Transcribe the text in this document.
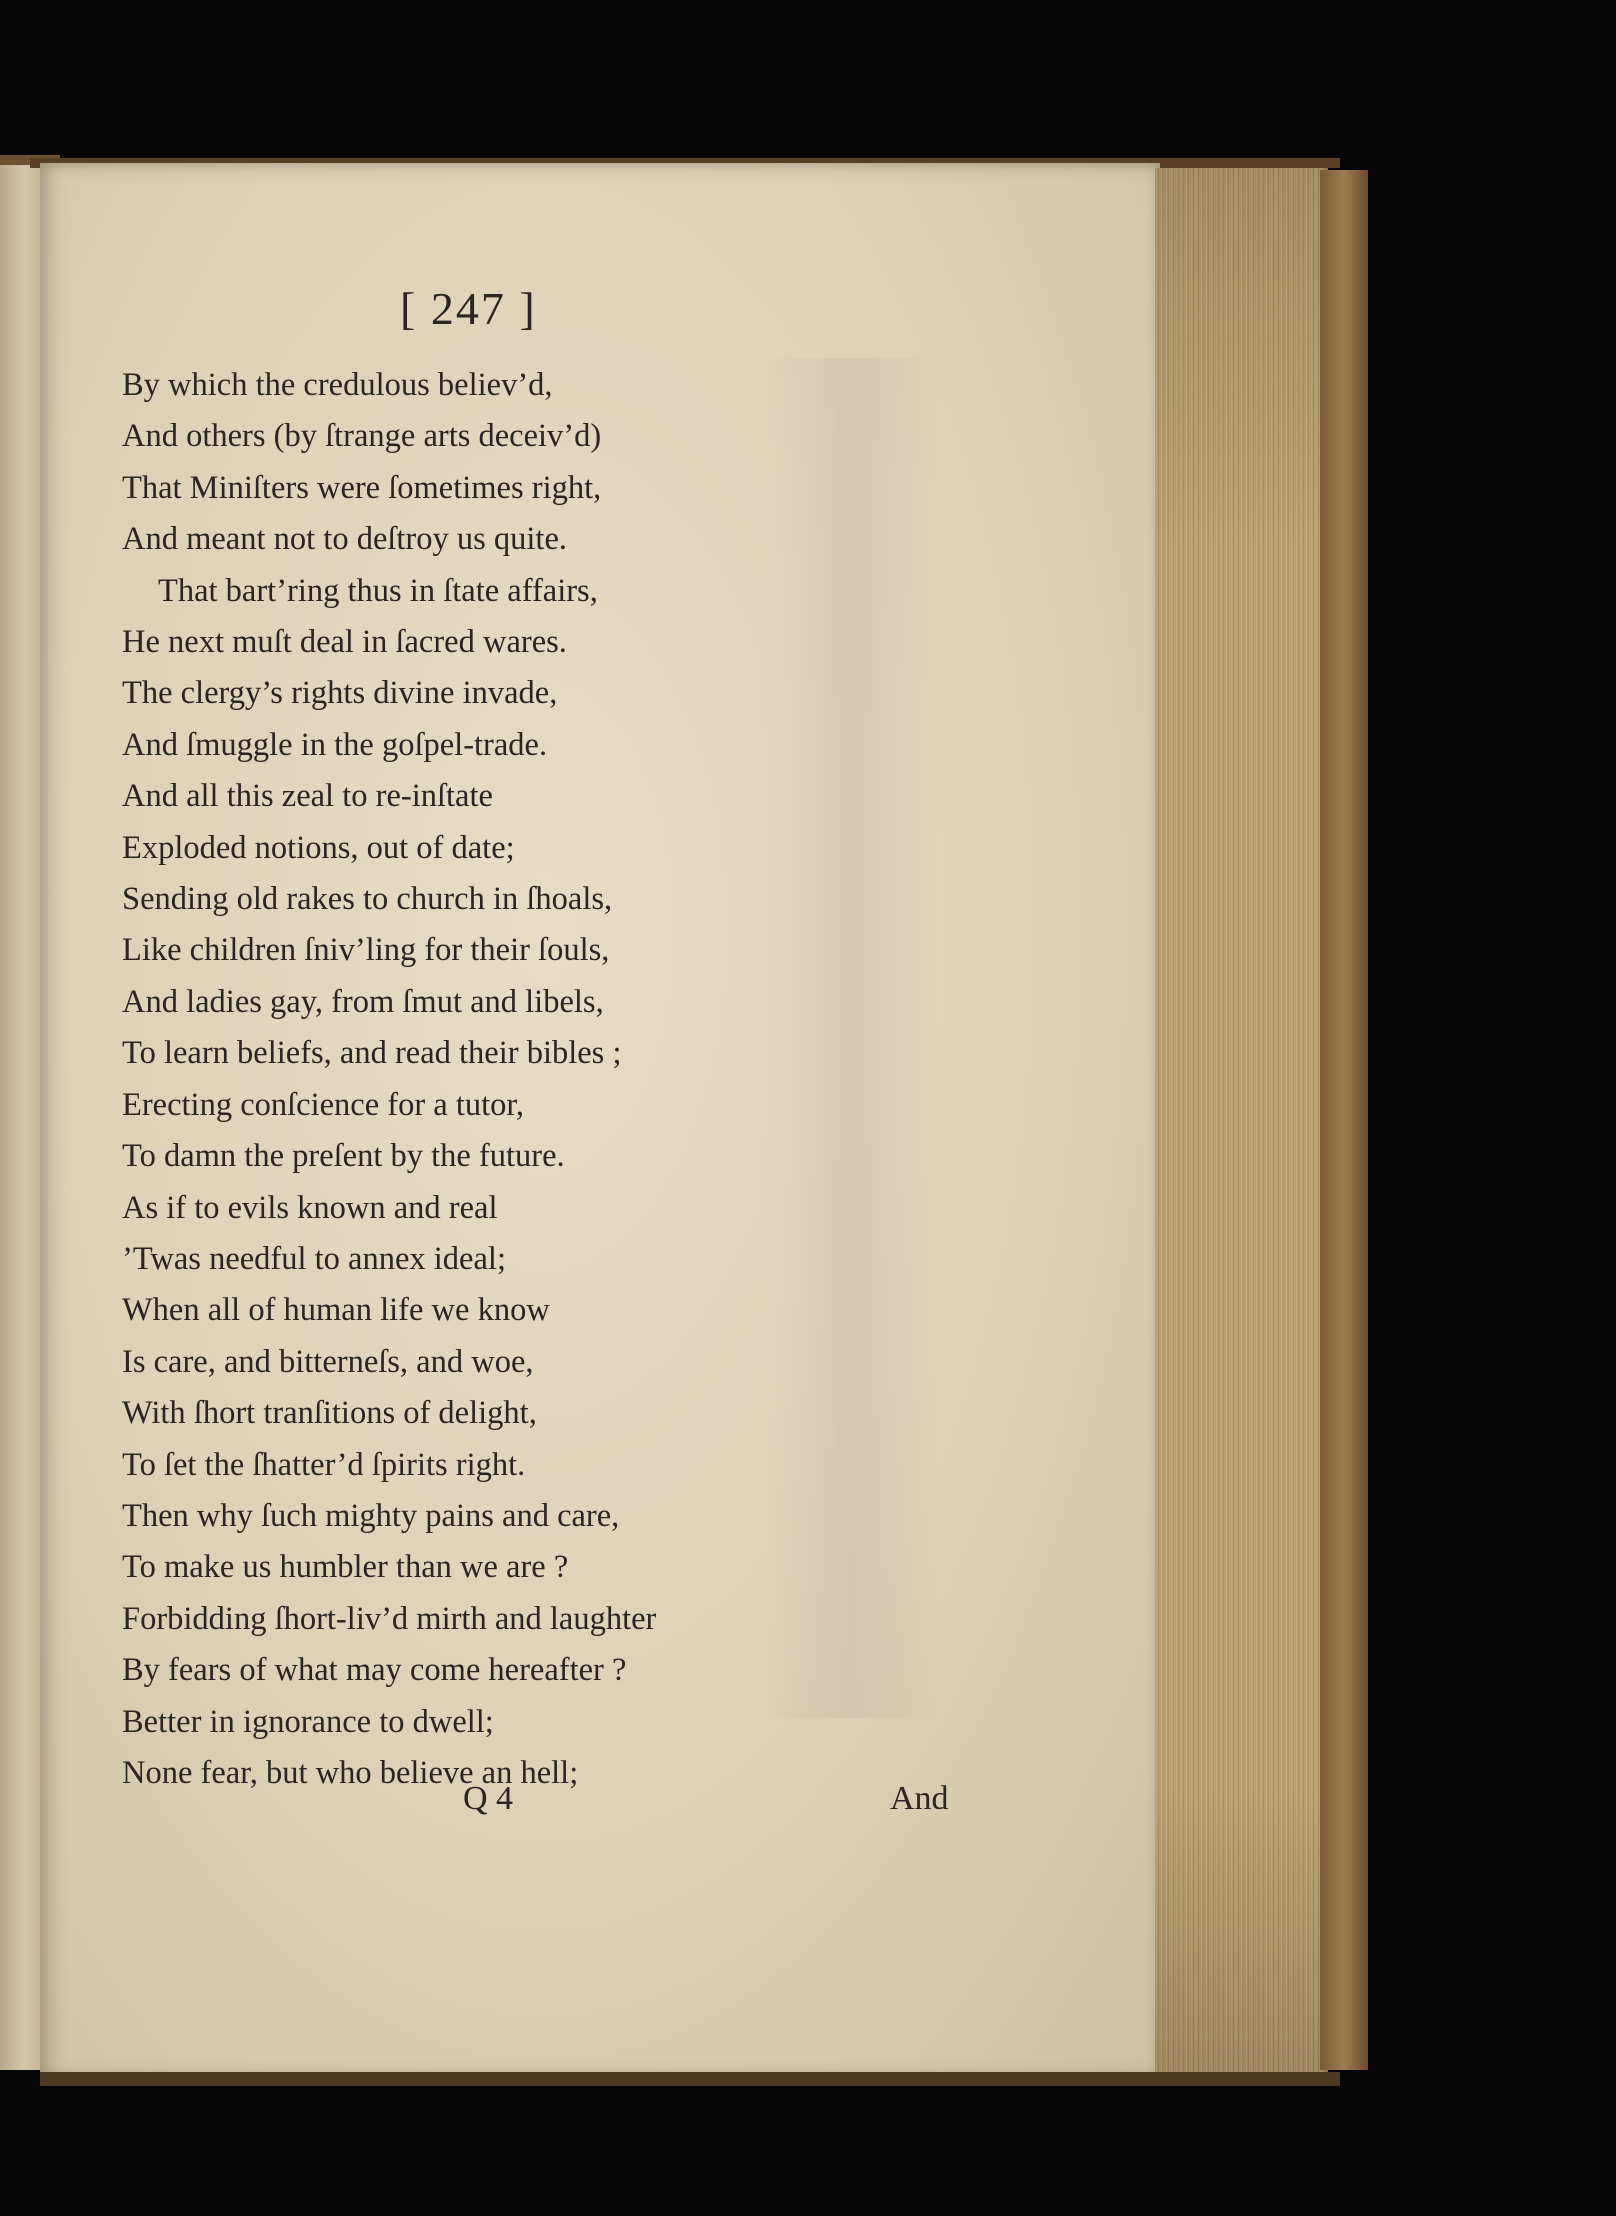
[ 247 ]
By which the credulous believ’d,
And others (by ſtrange arts deceiv’d)
That Miniſters were ſometimes right,
And meant not to deſtroy us quite.
That bart’ring thus in ſtate affairs,
He next muſt deal in ſacred wares.
The clergy’s rights divine invade,
And ſmuggle in the goſpel-trade.
And all this zeal to re-inſtate
Exploded notions, out of date;
Sending old rakes to church in ſhoals,
Like children ſniv’ling for their ſouls,
And ladies gay, from ſmut and libels,
To learn beliefs, and read their bibles ;
Erecting conſcience for a tutor,
To damn the preſent by the future.
As if to evils known and real
’Twas needful to annex ideal;
When all of human life we know
Is care, and bitterneſs, and woe,
With ſhort tranſitions of delight,
To ſet the ſhatter’d ſpirits right.
Then why ſuch mighty pains and care,
To make us humbler than we are ?
Forbidding ſhort-liv’d mirth and laughter
By fears of what may come hereafter ?
Better in ignorance to dwell;
None fear, but who believe an hell;
Q 4	And
